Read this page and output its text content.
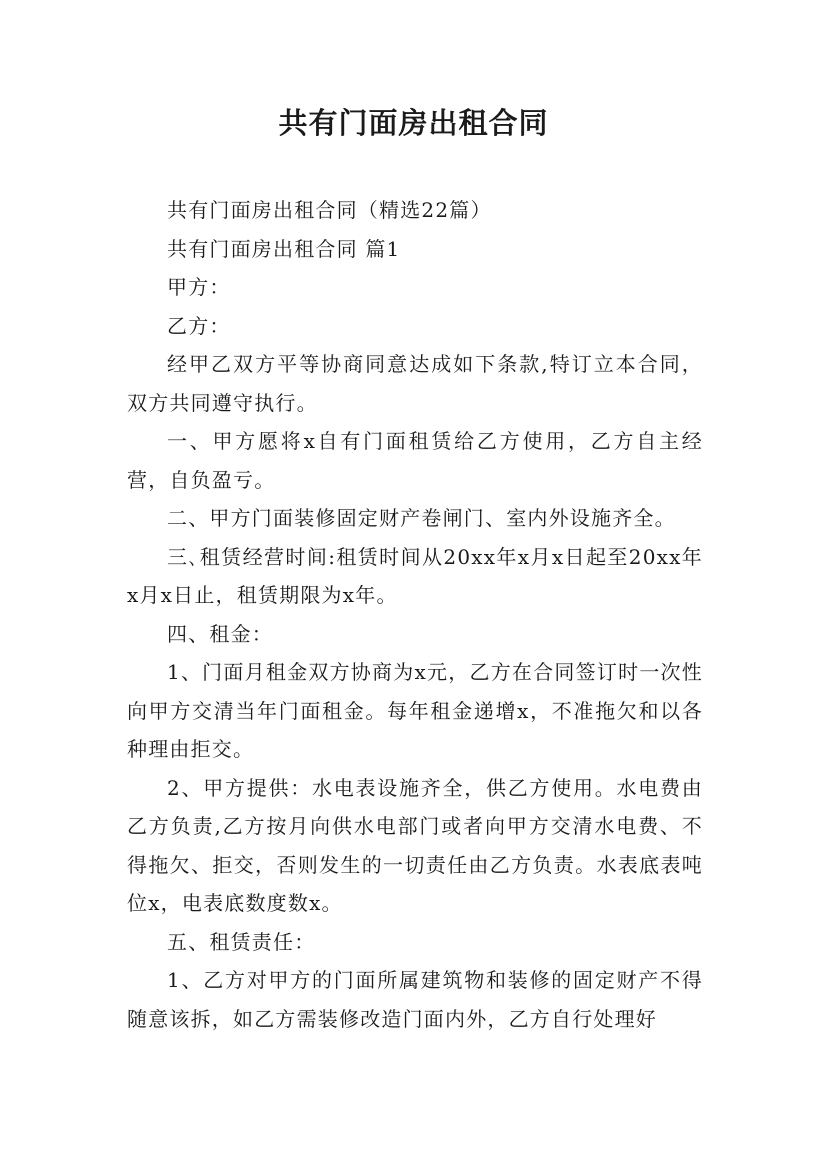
共有门面房出租合同

共有门面房出租合同（精选22篇）

共有门面房出租合同 篇1

甲方：

乙方：

经甲乙双方平等协商同意达成如下条款,特订立本合同，双方共同遵守执行。

一、甲方愿将x自有门面租赁给乙方使用，乙方自主经营，自负盈亏。

二、甲方门面装修固定财产卷闸门、室内外设施齐全。

三､租赁经营时间:租赁时间从20xx年x月x日起至20xx年x月x日止，租赁期限为x年。

四、租金：

1、门面月租金双方协商为x元，乙方在合同签订时一次性向甲方交清当年门面租金。每年租金递增x，不准拖欠和以各种理由拒交。

2、甲方提供：水电表设施齐全，供乙方使用。水电费由乙方负责,乙方按月向供水电部门或者向甲方交清水电费、不得拖欠、拒交，否则发生的一切责任由乙方负责。水表底表吨位x，电表底数度数x。

五、租赁责任：

1、乙方对甲方的门面所属建筑物和装修的固定财产不得随意该拆，如乙方需装修改造门面内外，乙方自行处理好
